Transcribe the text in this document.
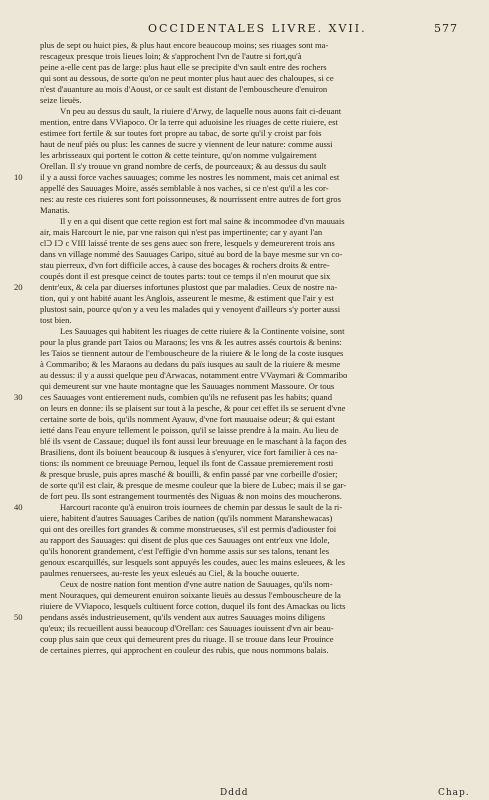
OCCIDENTALES LIVRE. XVII.	577
plus de sept ou huict pies, & plus haut encore beaucoup moins; ses riuages sont ma-
rescageux presque trois lieues loin; & s'approchent l'vn de l'autre si fort,qu'à
peine a-elle cent pas de large: plus haut elle se precipite d'vn sault entre des rochers
qui sont au dessous, de sorte qu'on ne peut monter plus haut auec des chaloupes, si ce
n'est d'auanture au mois d'Aoust, or ce sault est distant de l'embouscheure d'enuiron
seize lieuës.
Vn peu au dessus du sault, la riuiere d'Arwy, de laquelle nous auons fait ci-deuant
mention, entre dans VViapoco. Or la terre qui aduoisine les riuages de cette riuiere, est
estimee fort fertile & sur toutes fort propre au tabac, de sorte qu'il y croist par fois
haut de neuf piés ou plus: les cannes de sucre y viennent de leur nature: comme aussi
les arbrisseaux qui portent le cotton & cette teinture, qu'on nomme vulgairement
Orellan. Il s'y trouue vn grand nombre de cerfs, de pourceaux; & au dessus du sault
il y a aussi force vaches sauuages; comme les nostres les nomment, mais cet animal est
appellé des Sauuages Moire, assés semblable à nos vaches, si ce n'est qu'il a les cor-
nes: au reste ces riuieres sont fort poissonneuses, & nourrissent entre autres de fort gros
Manatis.
Il y en a qui disent que cette region est fort mal saine & incommodee d'vn mauuais
air, mais Harcourt le nie, par vne raison qui n'est pas impertinente; car y ayant l'an
clↃ IↃ c VIII laissé trente de ses gens auec son frere, lesquels y demeurerent trois ans
dans vn village nommé des Sauuages Caripo, situé au bord de la baye mesme sur vn co-
stau pierreux, d'vn fort difficile acces, à cause des bocages & rochers droits & entre-
coupés dont il est presque ceinct de toutes parts: tout ce temps il n'en mourut que six
dentr'eux, & cela par diuerses infortunes plustost que par maladies. Ceux de nostre na-
tion, qui y ont habité auant les Anglois, asseurent le mesme, & estiment que l'air y est
plustost sain, pource qu'on y a veu les malades qui y venoyent d'ailleurs s'y porter aussi
tost bien.
Les Sauuages qui habitent les riuages de cette riuiere & la Continente voisine, sont
pour la plus grande part Taios ou Maraons; les vns & les autres assés courtois & benins:
les Taios se tiennent autour de l'embouscheure de la riuiere & le long de la coste iusques
à Commaribo; & les Maraons au dedans du païs iusques au sault de la riuiere & mesme
au dessus: il y a aussi quelque peu d'Arwacas, notamment entre VVaymari & Commaribo
qui demeurent sur vne haute montagne que les Sauuages nomment Massoure. Or tous
ces Sauuages vont entierement nuds, combien qu'ils ne refusent pas les habits; quand
on leurs en donne: ils se plaisent sur tout à la pesche, & pour cet effet ils se seruent d'vne
certaine sorte de bois, qu'ils nomment Ayauw, d'vne fort mauuaise odeur; & qui estant
ietté dans l'eau enyure tellement le poisson, qu'il se laisse prendre à la main. Au lieu de
blé ils vsent de Cassaue; duquel ils font aussi leur breuuage en le maschant à la façon des
Brasiliens, dont ils boiuent beaucoup & iusques à s'enyurer, vice fort familier à ces na-
tions: ils nomment ce breuuage Pernou, lequel ils font de Cassaue premierement rosti
& presque brusle, puis apres masché & bouilli, & enfin passé par vne corbeille d'osier;
de sorte qu'il est clair, & presque de mesme couleur que la biere de Lubec; mais il se gar-
de fort peu. Ils sont estrangement tourmentés des Niguas & non moins des moucherons.
Harcourt raconte qu'à enuiron trois iournees de chemin par dessus le sault de la ri-
uiere, habitent d'autres Sauuages Caribes de nation (qu'ils nomment Maranshewacas)
qui ont des oreilles fort grandes & comme monstrueuses, s'il est permis d'adiouster foi
au rapport des Sauuages: qui disent de plus que ces Sauuages ont entr'eux vne Idole,
qu'ils honorent grandement, c'est l'effigie d'vn homme assis sur ses talons, tenant les
genoux escarquillés, sur lesquels sont appuyés les coudes, auec les mains esleuees, & les
paulmes renuersees, au-reste les yeux esleués au Ciel, & la bouche ouuerte.
Ceux de nostre nation font mention d'vne autre nation de Sauuages, qu'ils nom-
ment Nouraques, qui demeurent enuiron soixante lieuës au dessus l'embouscheure de la
riuiere de VViapoco, lesquels cultiuent force cotton, duquel ils font des Amackas ou licts
pendans assés industrieusement, qu'ils vendent aux autres Sauuages moins diligens
qu'eux; ils recueillent aussi beaucoup d'Orellan: ces Sauuages iouissent d'vn air beau-
coup plus sain que ceux qui demeurent pres du riuage. Il se trouue dans leur Prouince
de certaines pierres, qui approchent en couleur des rubis, que nous nommons balais.
10
20
30
40
50
Dddd	Chap.
